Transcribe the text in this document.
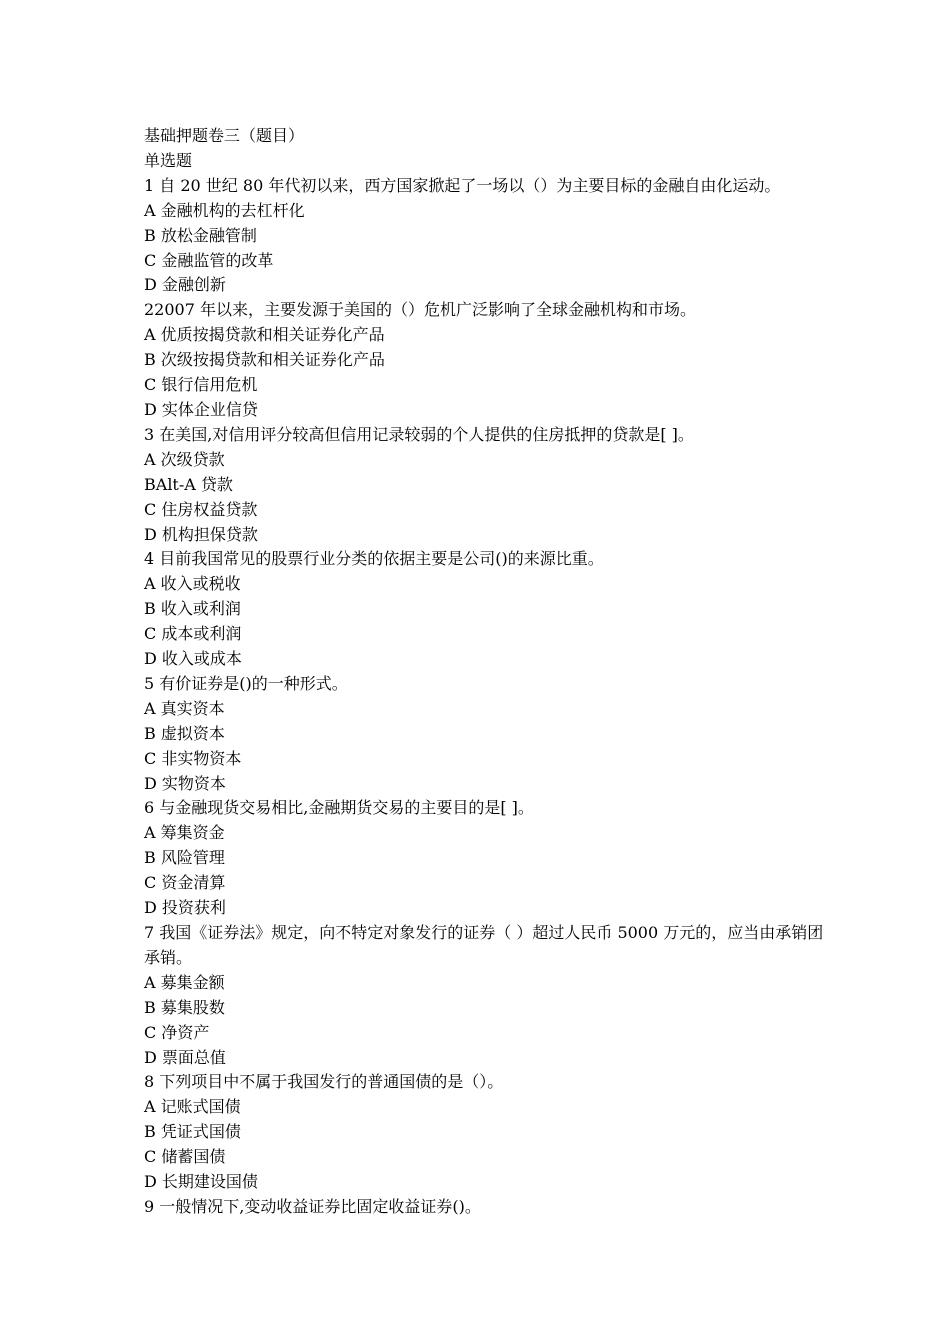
基础押题卷三（题目）

单选题

1 自 20 世纪 80 年代初以来，西方国家掀起了一场以（）为主要目标的金融自由化运动。

A 金融机构的去杠杆化

B 放松金融管制

C 金融监管的改革

D 金融创新

22007 年以来，主要发源于美国的（）危机广泛影响了全球金融机构和市场。

A 优质按揭贷款和相关证券化产品

B 次级按揭贷款和相关证券化产品

C 银行信用危机

D 实体企业信贷

3 在美国,对信用评分较高但信用记录较弱的个人提供的住房抵押的贷款是[ ]。

A 次级贷款

BAlt-A 贷款

C 住房权益贷款

D 机构担保贷款

4 目前我国常见的股票行业分类的依据主要是公司()的来源比重。

A 收入或税收

B 收入或利润

C 成本或利润

D 收入或成本

5 有价证券是()的一种形式。

A 真实资本

B 虚拟资本

C 非实物资本

D 实物资本

6 与金融现货交易相比,金融期货交易的主要目的是[ ]。

A 筹集资金

B 风险管理

C 资金清算

D 投资获利

7 我国《证券法》规定，向不特定对象发行的证券（ ）超过人民币 5000 万元的，应当由承销团承销。

A 募集金额

B 募集股数

C 净资产

D 票面总值

8 下列项目中不属于我国发行的普通国债的是（）。

A 记账式国债

B 凭证式国债

C 储蓄国债

D 长期建设国债

9 一般情况下,变动收益证券比固定收益证券()。
